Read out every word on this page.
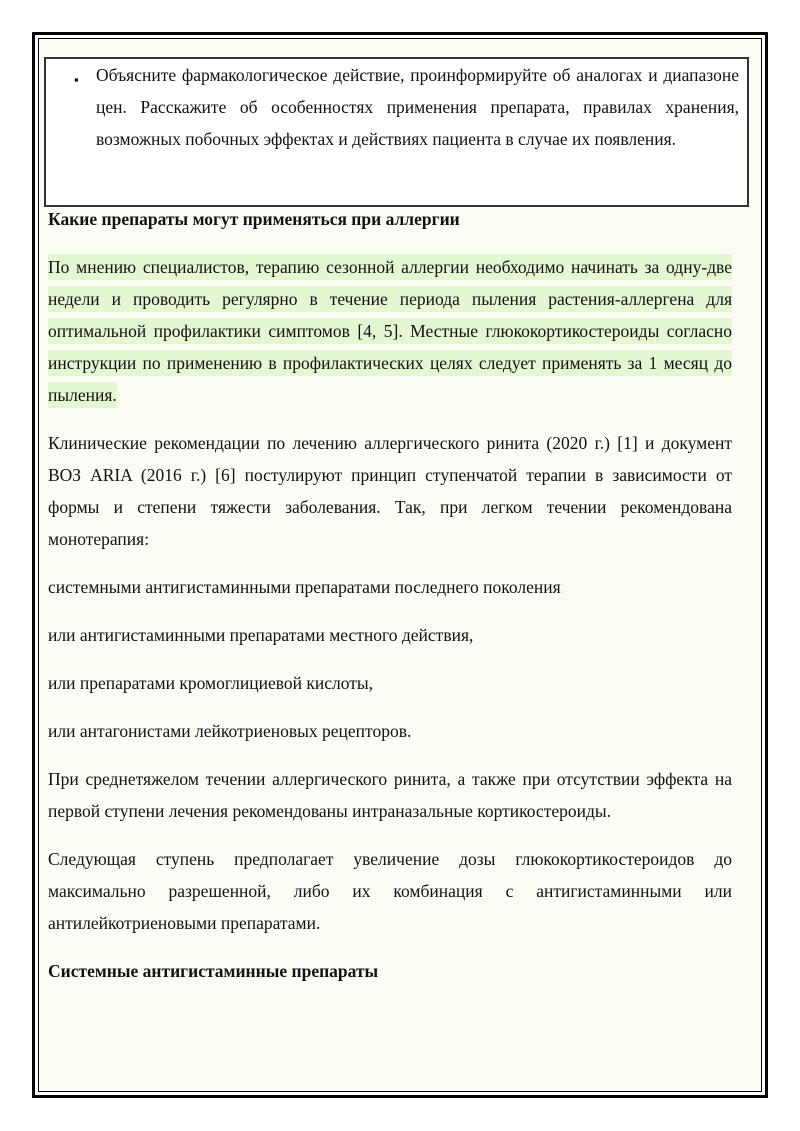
▪ Объясните фармакологическое действие, проинформируйте об аналогах и диапазоне цен. Расскажите об особенностях применения препарата, правилах хранения, возможных побочных эффектах и действиях пациента в случае их появления.

Какие препараты могут применяться при аллергии

По мнению специалистов, терапию сезонной аллергии необходимо начинать за одну-две недели и проводить регулярно в течение периода пыления растения-аллергена для оптимальной профилактики симптомов [4, 5]. Местные глюкокортикостероиды согласно инструкции по применению в профилактических целях следует применять за 1 месяц до пыления.

Клинические рекомендации по лечению аллергического ринита (2020 г.) [1] и документ ВОЗ ARIA (2016 г.) [6] постулируют принцип ступенчатой терапии в зависимости от формы и степени тяжести заболевания. Так, при легком течении рекомендована монотерапия:

системными антигистаминными препаратами последнего поколения

или антигистаминными препаратами местного действия,

или препаратами кромоглициевой кислоты,

или антагонистами лейкотриеновых рецепторов.

При среднетяжелом течении аллергического ринита, а также при отсутствии эффекта на первой ступени лечения рекомендованы интраназальные кортикостероиды.

Следующая ступень предполагает увеличение дозы глюкокортикостероидов до максимально разрешенной, либо их комбинация с антигистаминными или антилейкотриеновыми препаратами.

Системные антигистаминные препараты
